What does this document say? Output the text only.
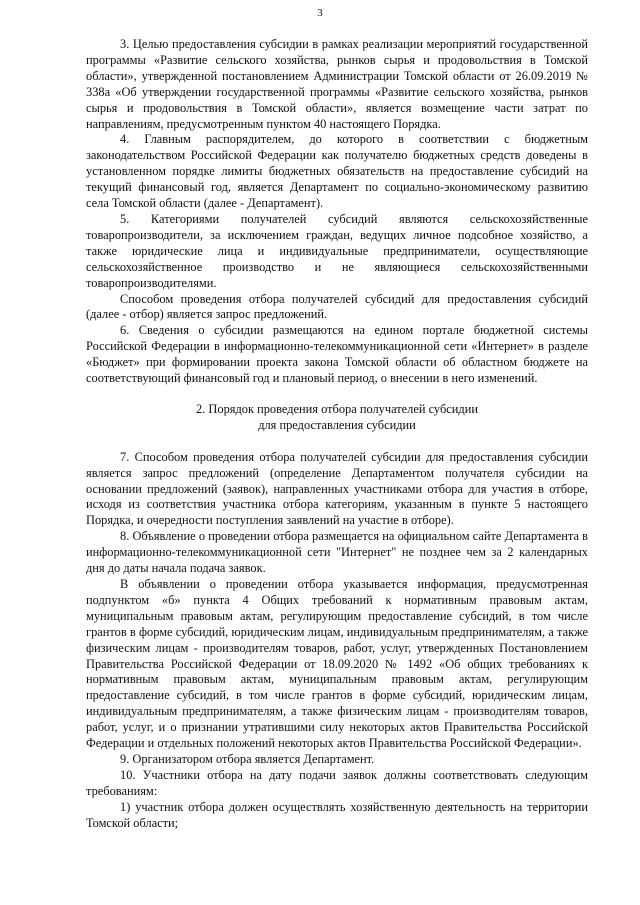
3

3. Целью предоставления субсидии в рамках реализации мероприятий государственной программы «Развитие сельского хозяйства, рынков сырья и продовольствия в Томской области», утвержденной постановлением Администрации Томской области от 26.09.2019 № 338а «Об утверждении государственной программы «Развитие сельского хозяйства, рынков сырья и продовольствия в Томской области», является возмещение части затрат по направлениям, предусмотренным пунктом 40 настоящего Порядка.

4. Главным распорядителем, до которого в соответствии с бюджетным законодательством Российской Федерации как получателю бюджетных средств доведены в установленном порядке лимиты бюджетных обязательств на предоставление субсидий на текущий финансовый год, является Департамент по социально-экономическому развитию села Томской области (далее - Департамент).

5. Категориями получателей субсидий являются сельскохозяйственные товаропроизводители, за исключением граждан, ведущих личное подсобное хозяйство, а также юридические лица и индивидуальные предприниматели, осуществляющие сельскохозяйственное производство и не являющиеся сельскохозяйственными товаропроизводителями.

Способом проведения отбора получателей субсидий для предоставления субсидий (далее - отбор) является запрос предложений.

6. Сведения о субсидии размещаются на едином портале бюджетной системы Российской Федерации в информационно-телекоммуникационной сети «Интернет» в разделе «Бюджет» при формировании проекта закона Томской области об областном бюджете на соответствующий финансовый год и плановый период, о внесении в него изменений.

2. Порядок проведения отбора получателей субсидии
для предоставления субсидии

7. Способом проведения отбора получателей субсидии для предоставления субсидии является запрос предложений (определение Департаментом получателя субсидии на основании предложений (заявок), направленных участниками отбора для участия в отборе, исходя из соответствия участника отбора категориям, указанным в пункте 5 настоящего Порядка, и очередности поступления заявлений на участие в отборе).

8. Объявление о проведении отбора размещается на официальном сайте Департамента в информационно-телекоммуникационной сети "Интернет" не позднее чем за 2 календарных дня до даты начала подача заявок.

В объявлении о проведении отбора указывается информация, предусмотренная подпунктом «б» пункта 4 Общих требований к нормативным правовым актам, муниципальным правовым актам, регулирующим предоставление субсидий, в том числе грантов в форме субсидий, юридическим лицам, индивидуальным предпринимателям, а также физическим лицам - производителям товаров, работ, услуг, утвержденных Постановлением Правительства Российской Федерации от 18.09.2020 № 1492 «Об общих требованиях к нормативным правовым актам, муниципальным правовым актам, регулирующим предоставление субсидий, в том числе грантов в форме субсидий, юридическим лицам, индивидуальным предпринимателям, а также физическим лицам - производителям товаров, работ, услуг, и о признании утратившими силу некоторых актов Правительства Российской Федерации и отдельных положений некоторых актов Правительства Российской Федерации».

9. Организатором отбора является Департамент.

10. Участники отбора на дату подачи заявок должны соответствовать следующим требованиям:

1) участник отбора должен осуществлять хозяйственную деятельность на территории Томской области;
